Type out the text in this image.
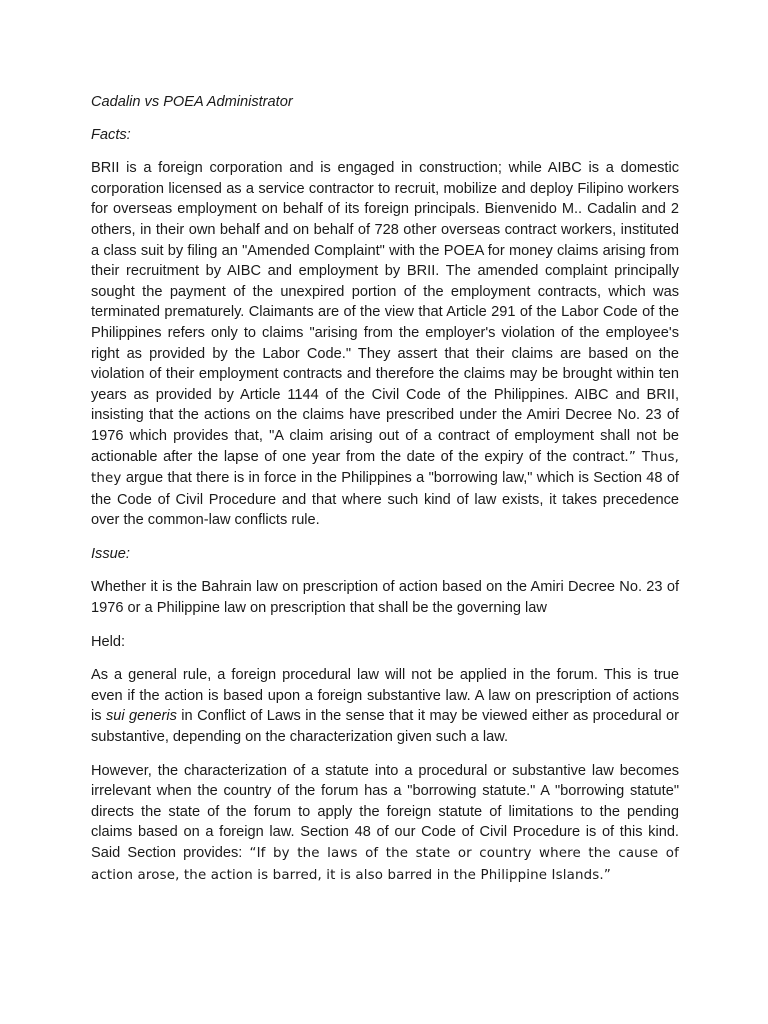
Cadalin vs POEA Administrator
Facts:

BRII is a foreign corporation and is engaged in construction; while AIBC is a domestic corporation licensed as a service contractor to recruit, mobilize and deploy Filipino workers for overseas employment on behalf of its foreign principals. Bienvenido M.. Cadalin and 2 others, in their own behalf and on behalf of 728 other overseas contract workers, instituted a class suit by filing an "Amended Complaint" with the POEA for money claims arising from their recruitment by AIBC and employment by BRII. The amended complaint principally sought the payment of the unexpired portion of the employment contracts, which was terminated prematurely. Claimants are of the view that Article 291 of the Labor Code of the Philippines refers only to claims "arising from the employer's violation of the employee's right as provided by the Labor Code." They assert that their claims are based on the violation of their employment contracts and therefore the claims may be brought within ten years as provided by Article 1144 of the Civil Code of the Philippines. AIBC and BRII, insisting that the actions on the claims have prescribed under the Amiri Decree No. 23 of 1976 which provides that, "A claim arising out of a contract of employment shall not be actionable after the lapse of one year from the date of the expiry of the contract.” Thus, they argue that there is in force in the Philippines a "borrowing law," which is Section 48 of the Code of Civil Procedure and that where such kind of law exists, it takes precedence over the common-law conflicts rule.

Issue:

Whether it is the Bahrain law on prescription of action based on the Amiri Decree No. 23 of 1976 or a Philippine law on prescription that shall be the governing law

Held:

As a general rule, a foreign procedural law will not be applied in the forum. This is true even if the action is based upon a foreign substantive law. A law on prescription of actions is sui generis in Conflict of Laws in the sense that it may be viewed either as procedural or substantive, depending on the characterization given such a law.

However, the characterization of a statute into a procedural or substantive law becomes irrelevant when the country of the forum has a "borrowing statute." A "borrowing statute" directs the state of the forum to apply the foreign statute of limitations to the pending claims based on a foreign law. Section 48 of our Code of Civil Procedure is of this kind. Said Section provides: “If by the laws of the state or country where the cause of action arose, the action is barred, it is also barred in the Philippine Islands.”
